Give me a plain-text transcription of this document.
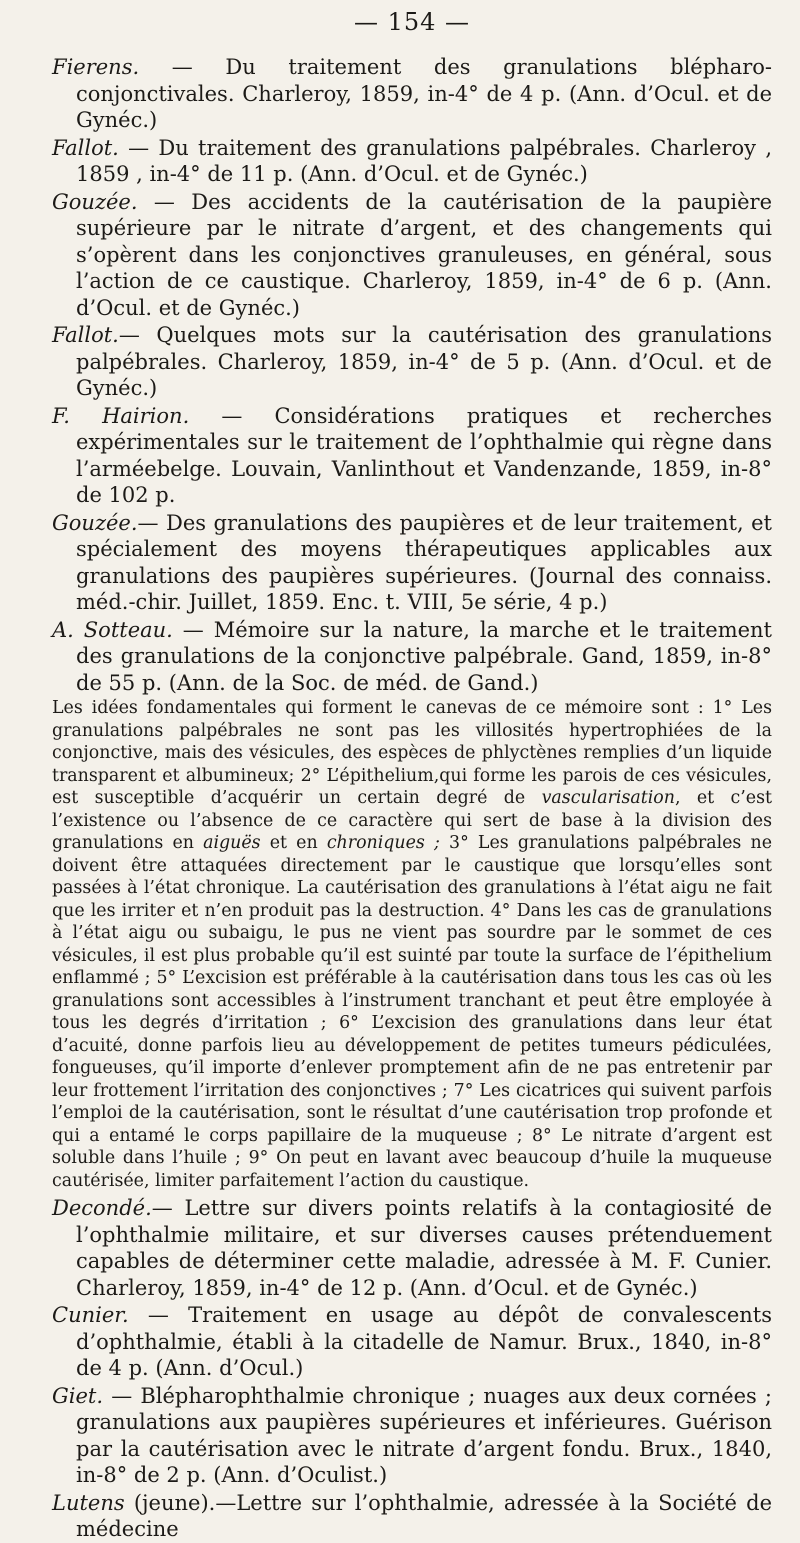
— 154 —

Fierens. — Du traitement des granulations blépharo-conjonctivales. Charleroy, 1859, in-4° de 4 p. (Ann. d’Ocul. et de Gynéc.)

Fallot. — Du traitement des granulations palpébrales. Charleroy , 1859 , in-4° de 11 p. (Ann. d’Ocul. et de Gynéc.)

Gouzée. — Des accidents de la cautérisation de la paupière supérieure par le nitrate d’argent, et des changements qui s’opèrent dans les conjonctives granuleuses, en général, sous l’action de ce caustique. Charleroy, 1859, in-4° de 6 p. (Ann. d’Ocul. et de Gynéc.)

Fallot.— Quelques mots sur la cautérisation des granulations palpébrales. Charleroy, 1859, in-4° de 5 p. (Ann. d’Ocul. et de Gynéc.)

F. Hairion. — Considérations pratiques et recherches expérimentales sur le traitement de l’ophthalmie qui règne dans l’arméebelge. Louvain, Vanlinthout et Vandenzande, 1859, in-8° de 102 p.

Gouzée.— Des granulations des paupières et de leur traitement, et spécialement des moyens thérapeutiques applicables aux granulations des paupières supérieures. (Journal des connaiss. méd.-chir. Juillet, 1859. Enc. t. VIII, 5e série, 4 p.)

A. Sotteau. — Mémoire sur la nature, la marche et le traitement des granulations de la conjonctive palpébrale. Gand, 1859, in-8° de 55 p. (Ann. de la Soc. de méd. de Gand.)

Les idées fondamentales qui forment le canevas de ce mémoire sont : 1° Les granulations palpébrales ne sont pas les villosités hypertrophiées de la conjonctive, mais des vésicules, des espèces de phlyctènes remplies d’un liquide transparent et albumineux; 2° L’épithelium,qui forme les parois de ces vésicules, est susceptible d’acquérir un certain degré de vascularisation, et c’est l’existence ou l’absence de ce caractère qui sert de base à la division des granulations en aiguës et en chroniques ; 3° Les granulations palpébrales ne doivent être attaquées directement par le caustique que lorsqu’elles sont passées à l’état chronique. La cautérisation des granulations à l’état aigu ne fait que les irriter et n’en produit pas la destruction. 4° Dans les cas de granulations à l’état aigu ou subaigu, le pus ne vient pas sourdre par le sommet de ces vésicules, il est plus probable qu’il est suinté par toute la surface de l’épithelium enflammé ; 5° L’excision est préférable à la cautérisation dans tous les cas où les granulations sont accessibles à l’instrument tranchant et peut être employée à tous les degrés d’irritation ; 6° L’excision des granulations dans leur état d’acuité, donne parfois lieu au développement de petites tumeurs pédiculées, fongueuses, qu’il importe d’enlever promptement afin de ne pas entretenir par leur frottement l’irritation des conjonctives ; 7° Les cicatrices qui suivent parfois l’emploi de la cautérisation, sont le résultat d’une cautérisation trop profonde et qui a entamé le corps papillaire de la muqueuse ; 8° Le nitrate d’argent est soluble dans l’huile ; 9° On peut en lavant avec beaucoup d’huile la muqueuse cautérisée, limiter parfaitement l’action du caustique.

Decondé.— Lettre sur divers points relatifs à la contagiosité de l’ophthalmie militaire, et sur diverses causes prétenduement capables de déterminer cette maladie, adressée à M. F. Cunier. Charleroy, 1859, in-4° de 12 p. (Ann. d’Ocul. et de Gynéc.)

Cunier. — Traitement en usage au dépôt de convalescents d’ophthalmie, établi à la citadelle de Namur. Brux., 1840, in-8° de 4 p. (Ann. d’Ocul.)

Giet. — Blépharophthalmie chronique ; nuages aux deux cornées ; granulations aux paupières supérieures et inférieures. Guérison par la cautérisation avec le nitrate d’argent fondu. Brux., 1840, in-8° de 2 p. (Ann. d’Oculist.)

Lutens (jeune).—Lettre sur l’ophthalmie, adressée à la Société de médecine
